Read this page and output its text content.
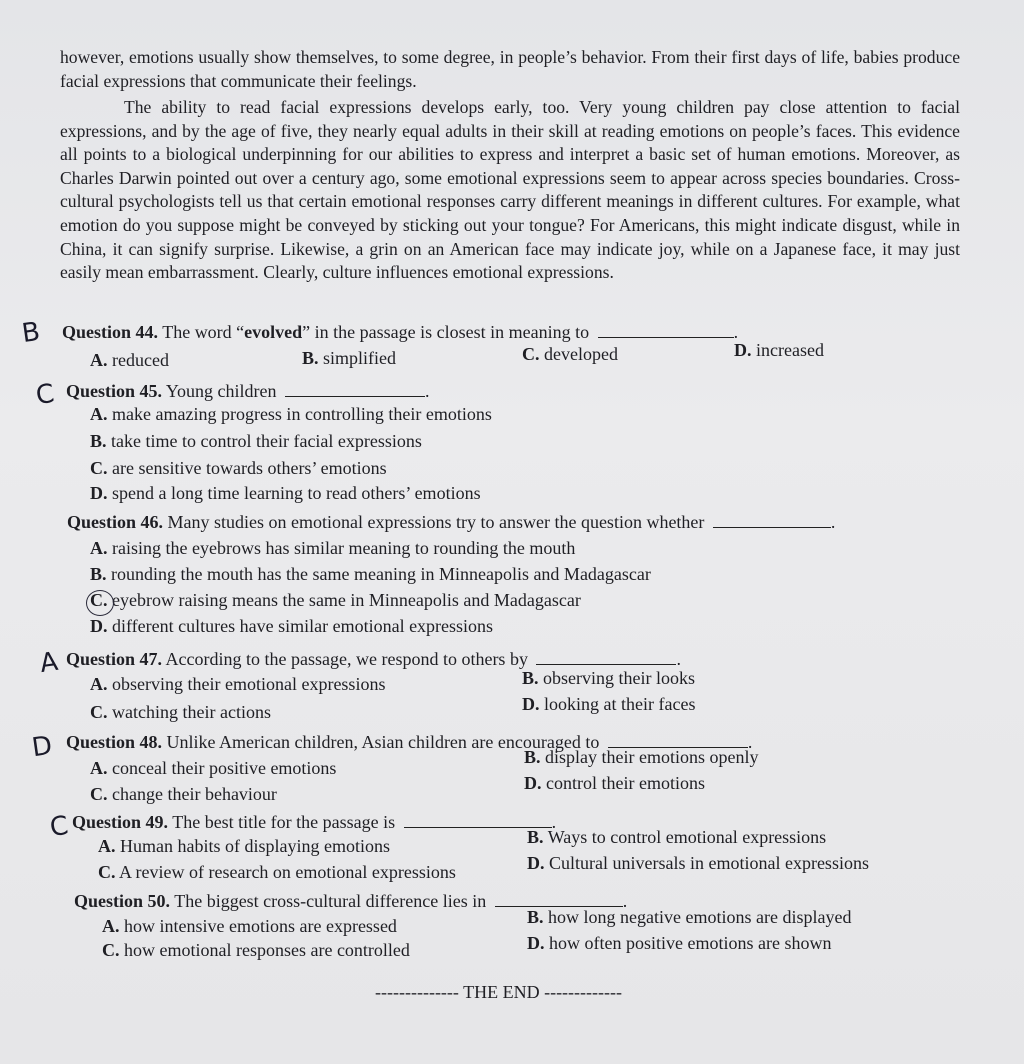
however, emotions usually show themselves, to some degree, in people’s behavior. From their first days of life, babies produce facial expressions that communicate their feelings.
The ability to read facial expressions develops early, too. Very young children pay close attention to facial expressions, and by the age of five, they nearly equal adults in their skill at reading emotions on people’s faces. This evidence all points to a biological underpinning for our abilities to express and interpret a basic set of human emotions. Moreover, as Charles Darwin pointed out over a century ago, some emotional expressions seem to appear across species boundaries. Cross-cultural psychologists tell us that certain emotional responses carry different meanings in different cultures. For example, what emotion do you suppose might be conveyed by sticking out your tongue? For Americans, this might indicate disgust, while in China, it can signify surprise. Likewise, a grin on an American face may indicate joy, while on a Japanese face, it may just easily mean embarrassment. Clearly, culture influences emotional expressions.
B Question 44. The word “evolved” in the passage is closest in meaning to	.
A. reduced	B. simplified	C. developed	D. increased
C Question 45. Young children	.
A. make amazing progress in controlling their emotions
B. take time to control their facial expressions
C. are sensitive towards others’ emotions
D. spend a long time learning to read others’ emotions
Question 46. Many studies on emotional expressions try to answer the question whether	.
A. raising the eyebrows has similar meaning to rounding the mouth
B. rounding the mouth has the same meaning in Minneapolis and Madagascar
C. eyebrow raising means the same in Minneapolis and Madagascar
D. different cultures have similar emotional expressions
A Question 47. According to the passage, we respond to others by	.
A. observing their emotional expressions	B. observing their looks
C. watching their actions	D. looking at their faces
D Question 48. Unlike American children, Asian children are encouraged to	.
A. conceal their positive emotions
B. display their emotions openly
C. change their behaviour
D. control their emotions
C Question 49. The best title for the passage is	.
A. Human habits of displaying emotions	B. Ways to control emotional expressions
C. A review of research on emotional expressions	D. Cultural universals in emotional expressions
Question 50. The biggest cross-cultural difference lies in	.
A. how intensive emotions are expressed	B. how long negative emotions are displayed
C. how emotional responses are controlled	D. how often positive emotions are shown
-------------- THE END -------------
